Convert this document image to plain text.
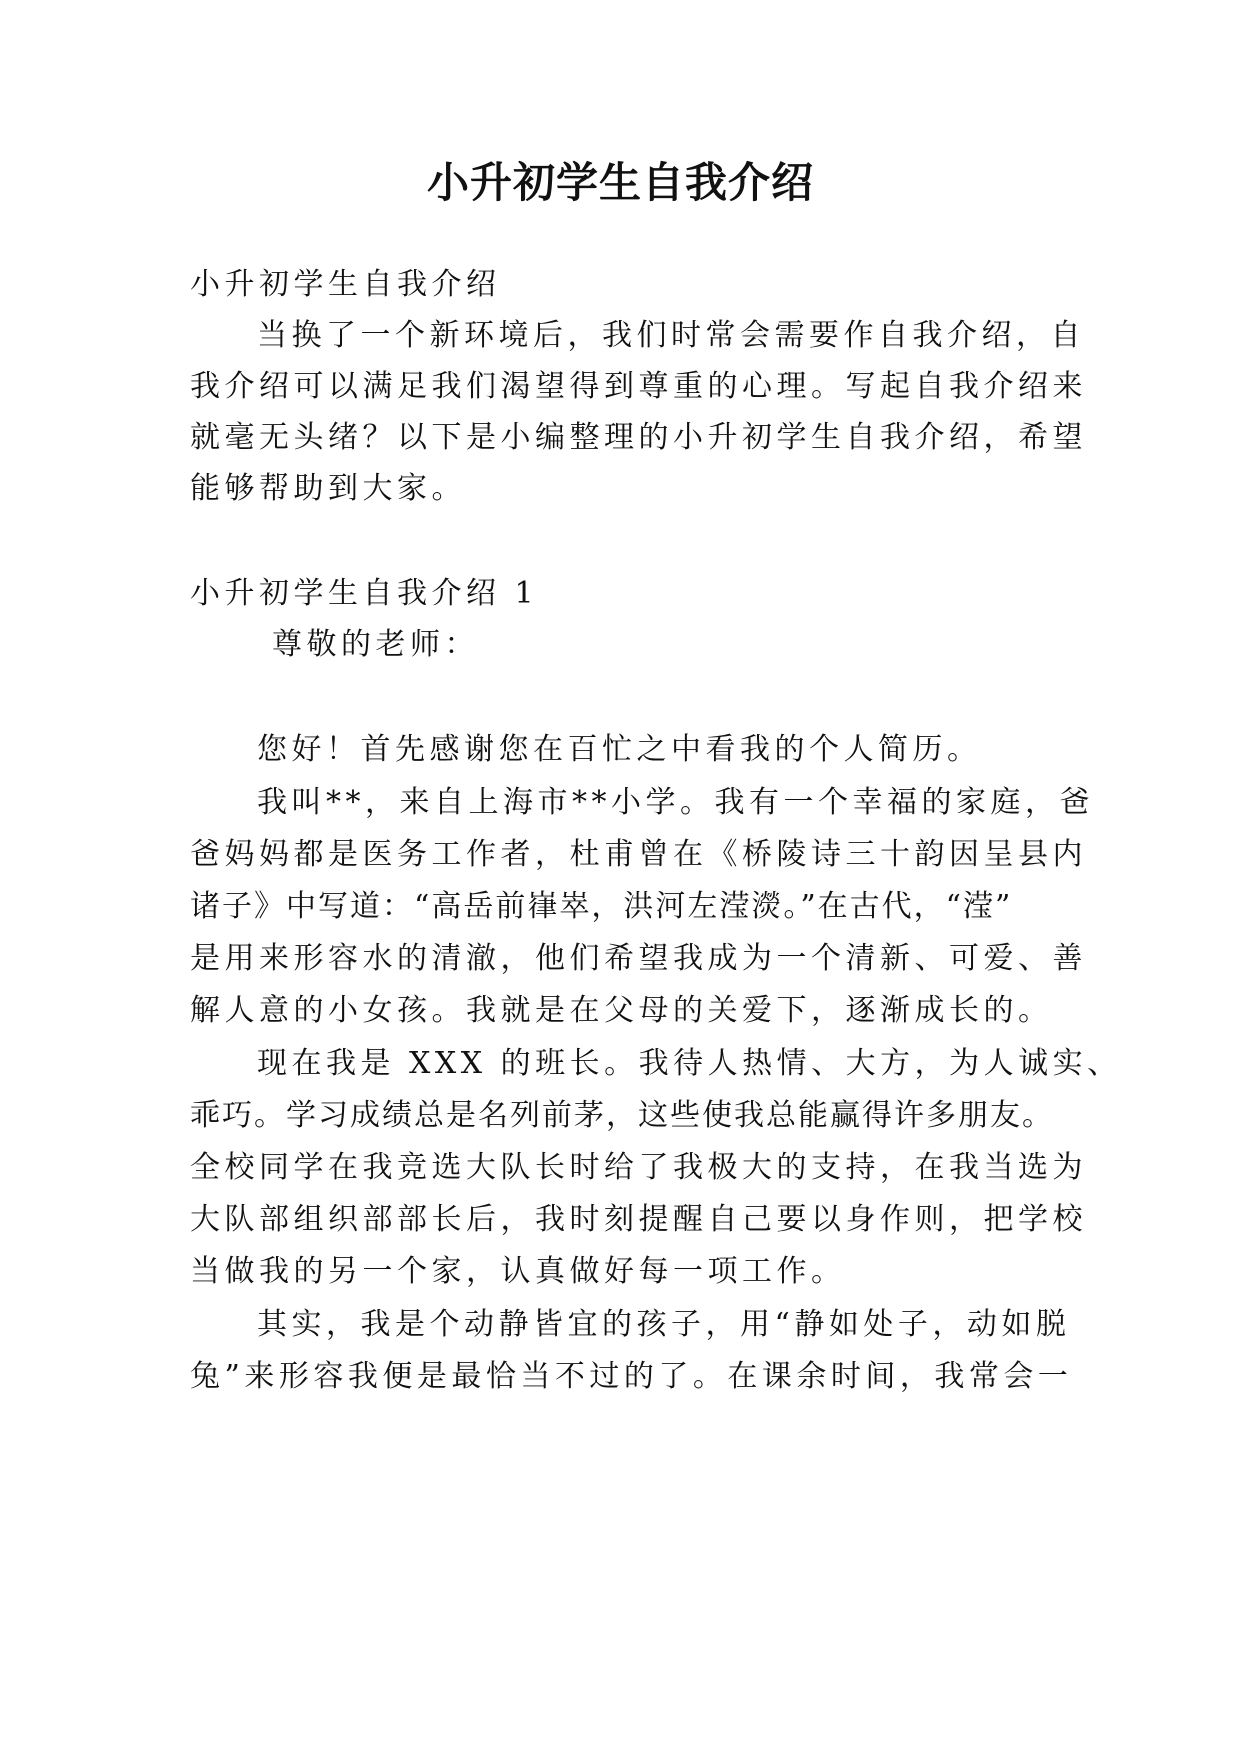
小升初学生自我介绍

小升初学生自我介绍

当换了一个新环境后，我们时常会需要作自我介绍，自

我介绍可以满足我们渴望得到尊重的心理。写起自我介绍来

就毫无头绪？以下是小编整理的小升初学生自我介绍，希望

能够帮助到大家。

小升初学生自我介绍 1

尊敬的老师：

您好！首先感谢您在百忙之中看我的个人简历。

我叫**，来自上海市**小学。我有一个幸福的家庭，爸

爸妈妈都是医务工作者，杜甫曾在《桥陵诗三十韵因呈县内

诸子》中写道：“高岳前嵂崒，洪河左滢濙。”在古代，“滢”

是用来形容水的清澈，他们希望我成为一个清新、可爱、善

解人意的小女孩。我就是在父母的关爱下，逐渐成长的。

现在我是 XXX 的班长。我待人热情、大方，为人诚实、

乖巧。学习成绩总是名列前茅，这些使我总能赢得许多朋友。

全校同学在我竞选大队长时给了我极大的支持，在我当选为

大队部组织部部长后，我时刻提醒自己要以身作则，把学校

当做我的另一个家，认真做好每一项工作。

其实，我是个动静皆宜的孩子，用“静如处子，动如脱

兔”来形容我便是最恰当不过的了。在课余时间，我常会一
